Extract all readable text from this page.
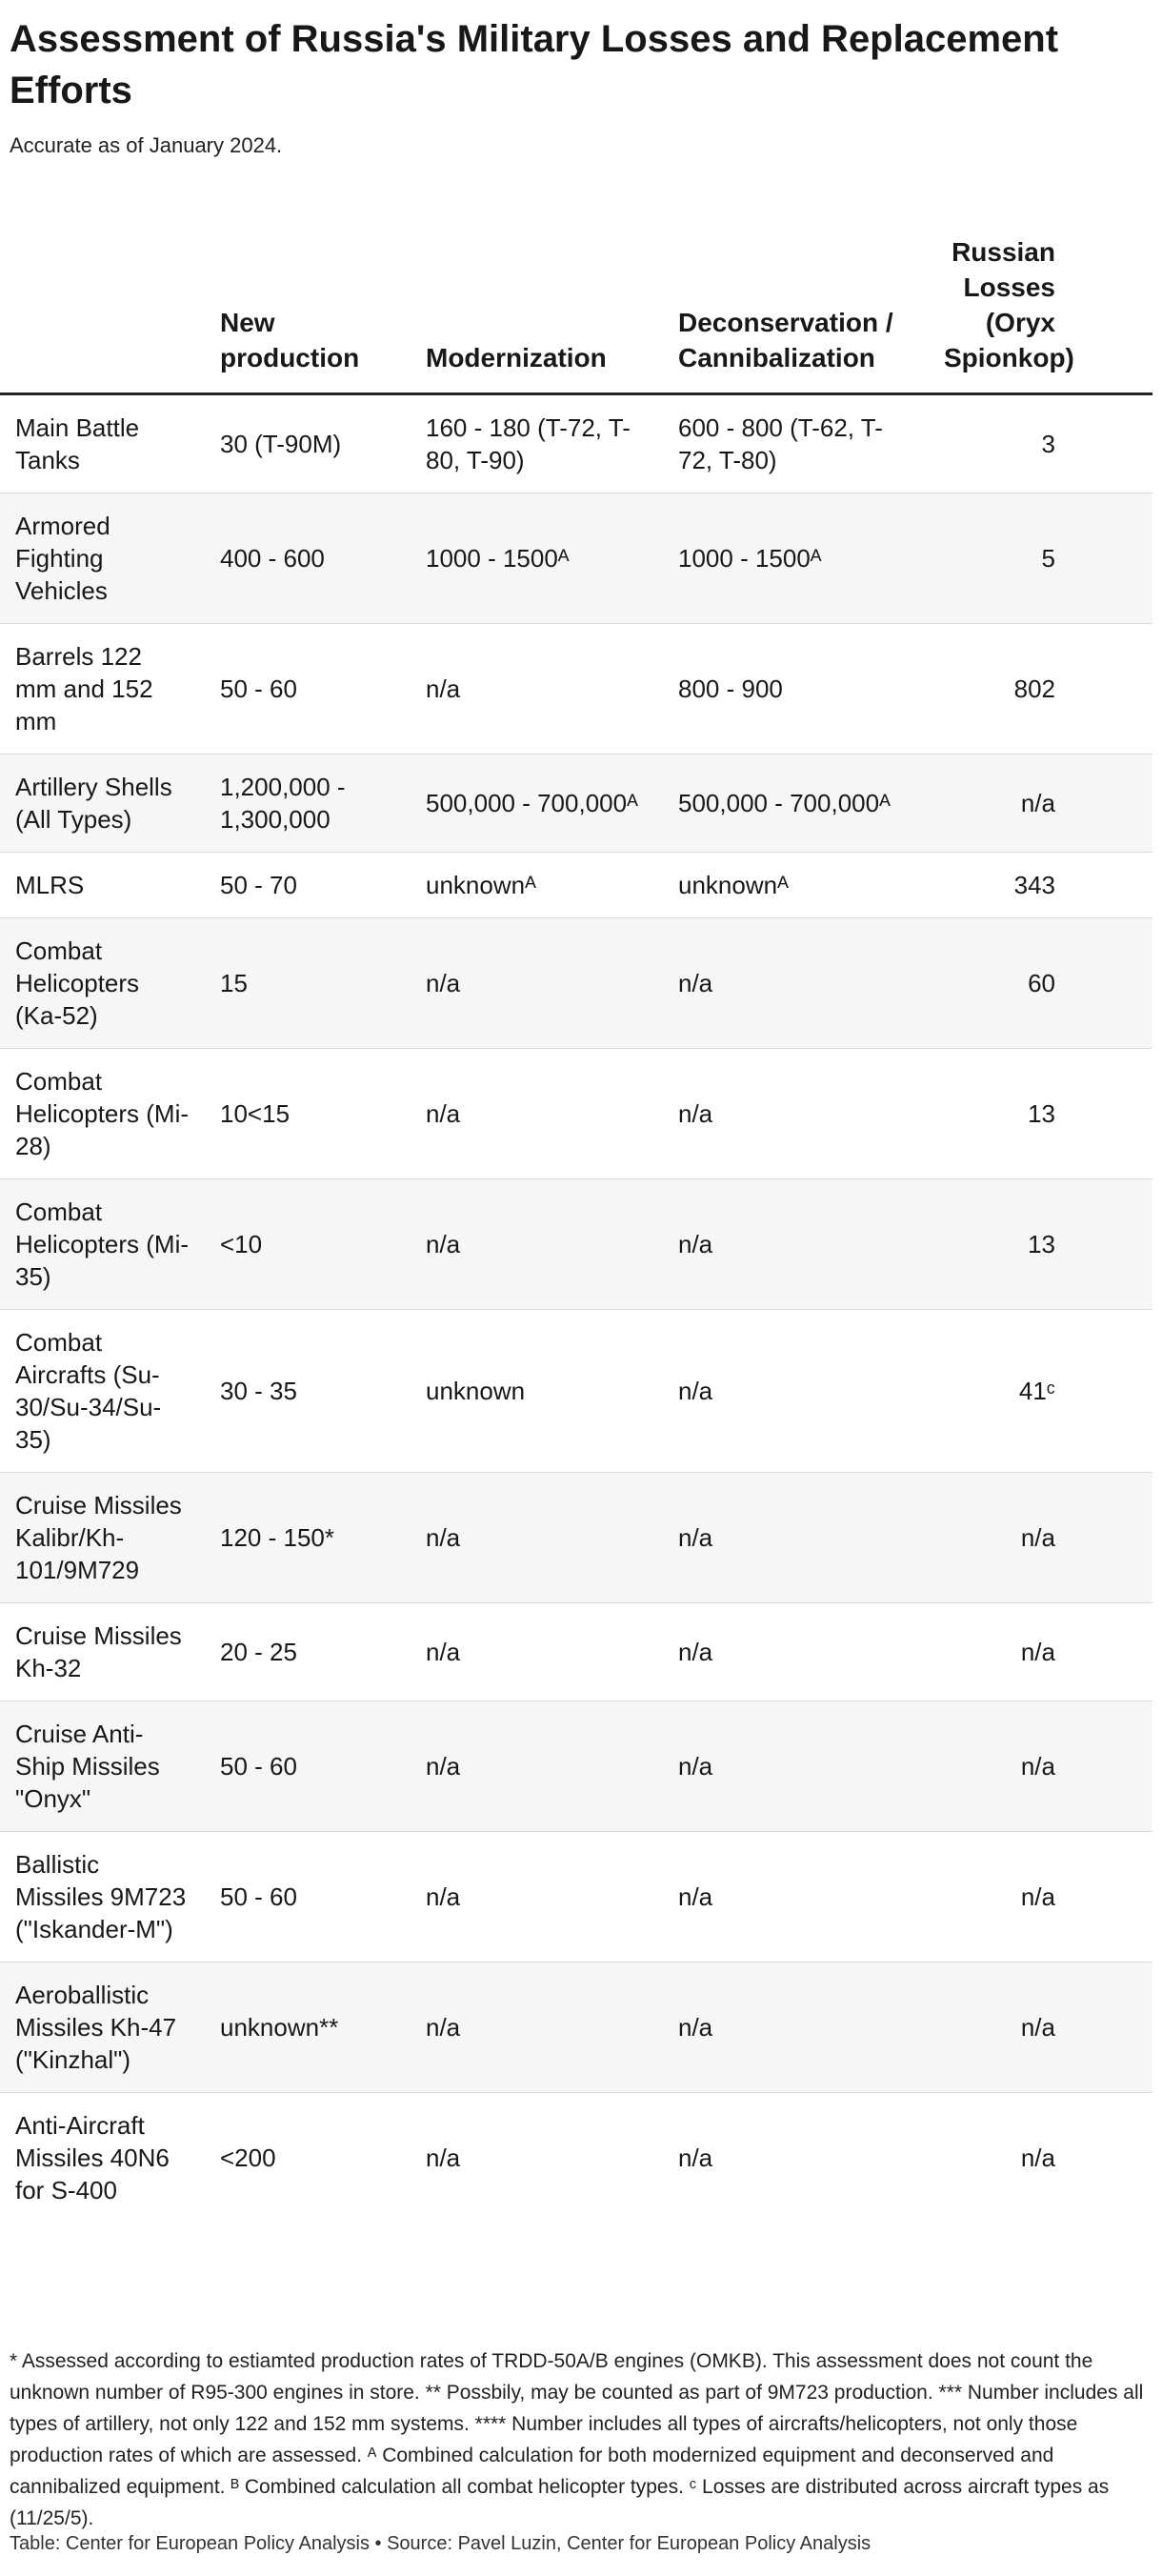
Assessment of Russia's Military Losses and Replacement Efforts
Accurate as of January 2024.
	New production	Modernization	Deconservation / Cannibalization	Russian Losses (Oryx Spionkop)	
Main Battle Tanks	30 (T-90M)	160 - 180 (T-72, T-80, T-90)	600 - 800 (T-62, T-72, T-80)	3	
Armored Fighting Vehicles	400 - 600	1000 - 1500ᴬ	1000 - 1500ᴬ	5	
Barrels 122 mm and 152 mm	50 - 60	n/a	800 - 900	802	
Artillery Shells (All Types)	1,200,000 - 1,300,000	500,000 - 700,000ᴬ	500,000 - 700,000ᴬ	n/a	
MLRS	50 - 70	unknownᴬ	unknownᴬ	343	
Combat Helicopters (Ka-52)	15	n/a	n/a	60	
Combat Helicopters (Mi-28)	10<15	n/a	n/a	13	
Combat Helicopters (Mi-35)	<10	n/a	n/a	13	
Combat Aircrafts (Su-30/Su-34/Su-35)	30 - 35	unknown	n/a	41ᶜ	
Cruise Missiles Kalibr/Kh-101/9M729	120 - 150*	n/a	n/a	n/a	
Cruise Missiles Kh-32	20 - 25	n/a	n/a	n/a	
Cruise Anti-Ship Missiles "Onyx"	50 - 60	n/a	n/a	n/a	
Ballistic Missiles 9M723 ("Iskander-M")	50 - 60	n/a	n/a	n/a	
Aeroballistic Missiles Kh-47 ("Kinzhal")	unknown**	n/a	n/a	n/a	
Anti-Aircraft Missiles 40N6 for S-400	<200	n/a	n/a	n/a	
* Assessed according to estiamted production rates of TRDD-50A/B engines (OMKB). This assessment does not count the unknown number of R95-300 engines in store. ** Possbily, may be counted as part of 9M723 production. *** Number includes all types of artillery, not only 122 and 152 mm systems. **** Number includes all types of aircrafts/helicopters, not only those production rates of which are assessed. ᴬ Combined calculation for both modernized equipment and deconserved and cannibalized equipment. ᴮ Combined calculation all combat helicopter types. ᶜ Losses are distributed across aircraft types as (11/25/5).
Table: Center for European Policy Analysis • Source: Pavel Luzin, Center for European Policy Analysis
